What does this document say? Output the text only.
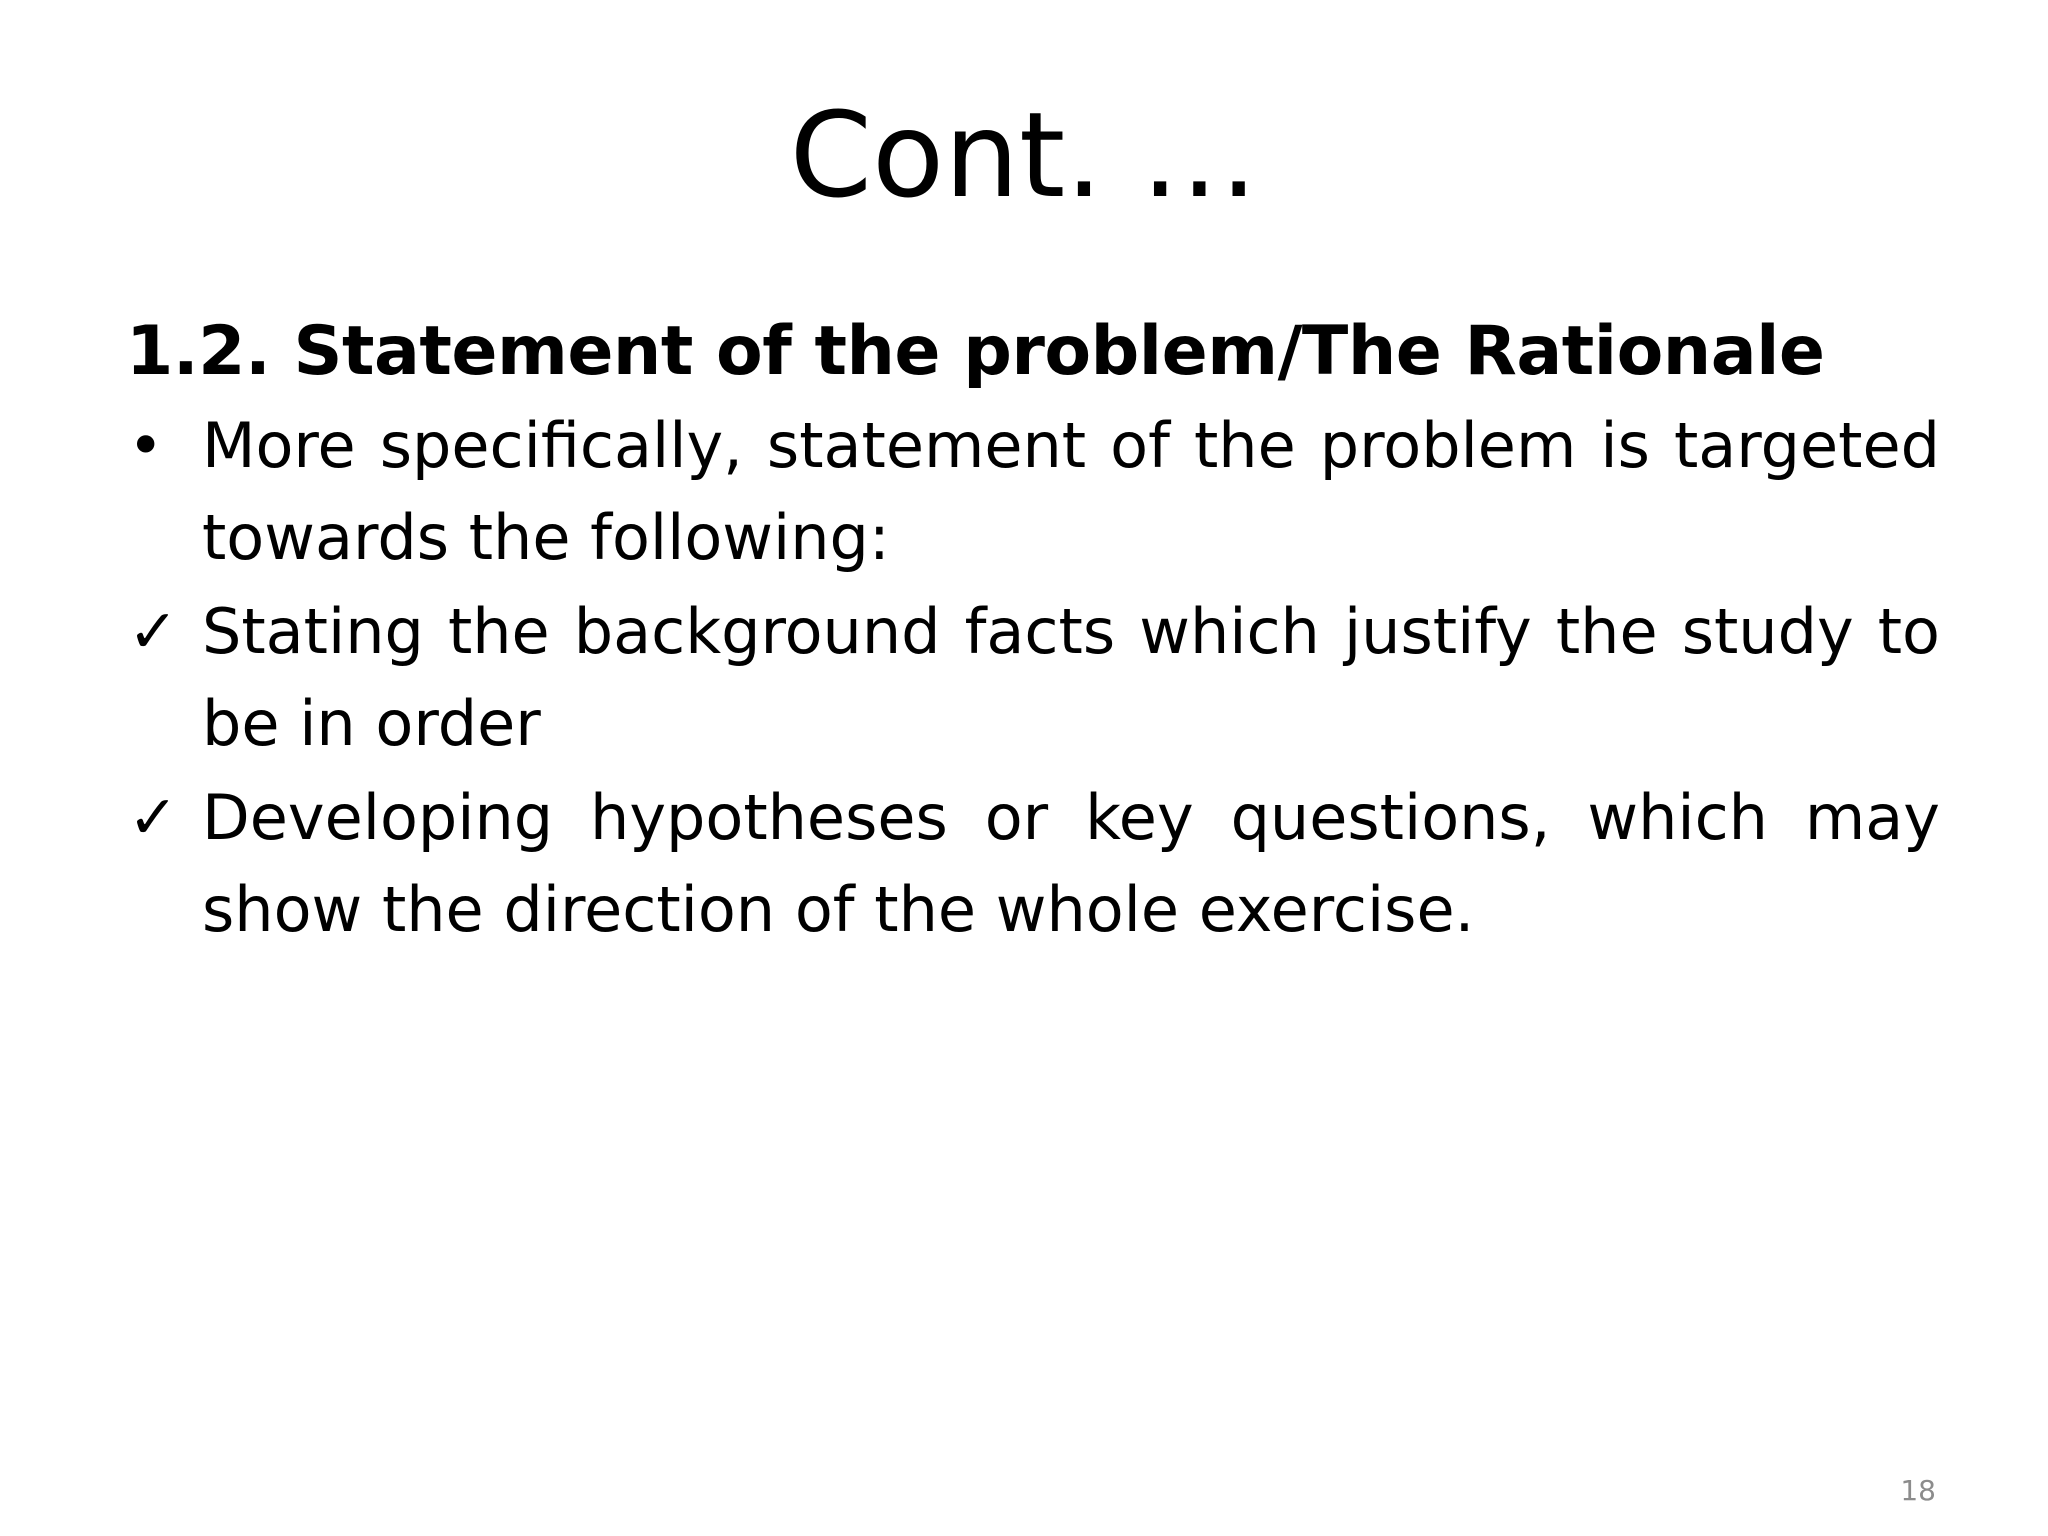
Cont. …
1.2. Statement of the problem/The Rationale
• More specifically, statement of the problem is targeted towards the following:
✓ Stating the background facts which justify the study to be in order
✓ Developing hypotheses or key questions, which may show the direction of the whole exercise.
18
